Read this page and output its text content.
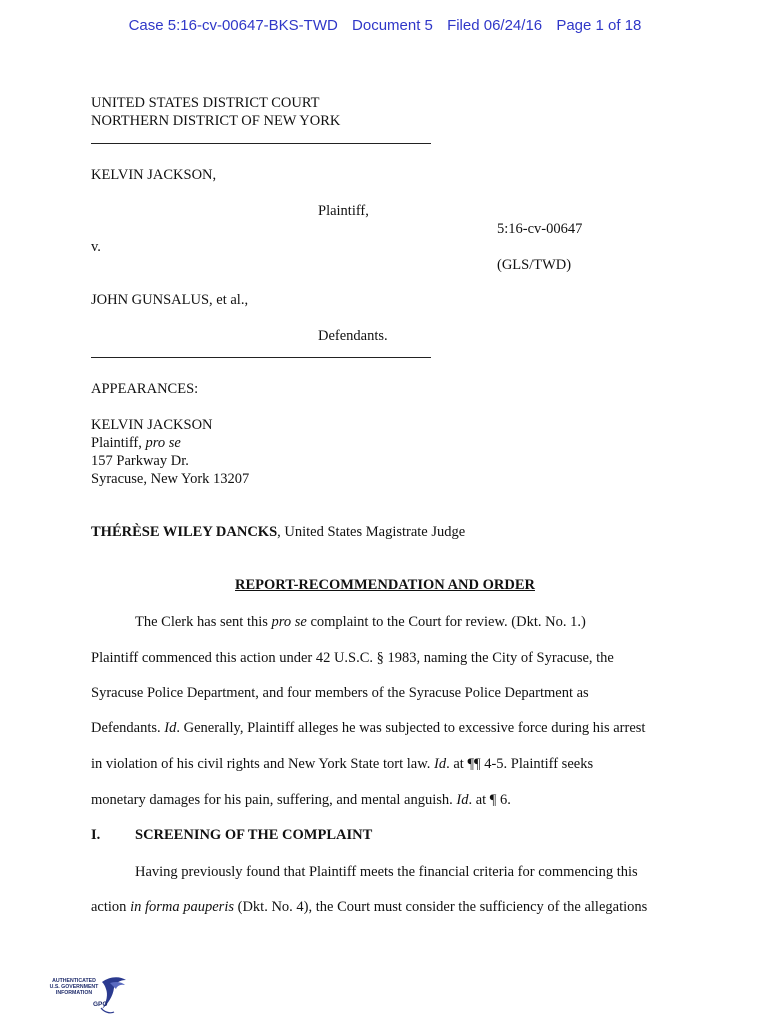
Case 5:16-cv-00647-BKS-TWD Document 5 Filed 06/24/16 Page 1 of 18
UNITED STATES DISTRICT COURT
NORTHERN DISTRICT OF NEW YORK
KELVIN JACKSON,
Plaintiff,
5:16-cv-00647
v.
(GLS/TWD)
JOHN GUNSALUS, et al.,
Defendants.
APPEARANCES:
KELVIN JACKSON
Plaintiff, pro se
157 Parkway Dr.
Syracuse, New York 13207
THÉRÈSE WILEY DANCKS, United States Magistrate Judge
REPORT-RECOMMENDATION AND ORDER
The Clerk has sent this pro se complaint to the Court for review. (Dkt. No. 1.)
Plaintiff commenced this action under 42 U.S.C. § 1983, naming the City of Syracuse, the
Syracuse Police Department, and four members of the Syracuse Police Department as
Defendants. Id. Generally, Plaintiff alleges he was subjected to excessive force during his arrest
in violation of his civil rights and New York State tort law. Id. at ¶¶ 4-5. Plaintiff seeks
monetary damages for his pain, suffering, and mental anguish. Id. at ¶ 6.
I. SCREENING OF THE COMPLAINT
Having previously found that Plaintiff meets the financial criteria for commencing this
action in forma pauperis (Dkt. No. 4), the Court must consider the sufficiency of the allegations
AUTHENTICATED
U.S. GOVERNMENT
INFORMATION
GPO
